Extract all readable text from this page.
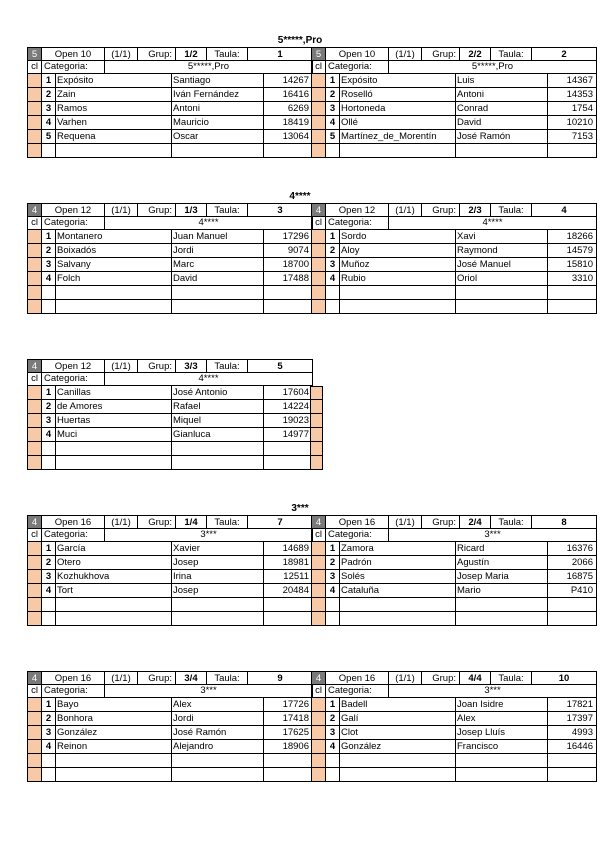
5*****,Pro
4****
3***
5	Open 10	(1/1)	Grup:	1/2	Taula:	1
cl Categoria:	5*****,Pro
1 Expósito	Santiago	14267
2 Zain	Iván Fernández	16416
3 Ramos	Antoni	6269
4 Varhen	Mauricio	18419
5 Requena	Oscar	13064
5	Open 10	(1/1)	Grup:	2/2	Taula:	2
cl Categoria:	5*****,Pro
1 Expósito	Luis	14367
2 Roselló	Antoni	14353
3 Hortoneda	Conrad	1754
4 Ollé	David	10210
5 Martínez_de_Morentín	José Ramón	7153
4	Open 12	(1/1)	Grup:	1/3	Taula:	3
cl Categoria:	4****
1 Montanero	Juan Manuel	17296
2 Boixadós	Jordi	9074
3 Salvany	Marc	18700
4 Folch	David	17488
4	Open 12	(1/1)	Grup:	2/3	Taula:	4
cl Categoria:	4****
1 Sordo	Xavi	18266
2 Aloy	Raymond	14579
3 Muñoz	José Manuel	15810
4 Rubio	Oriol	3310
4	Open 12	(1/1)	Grup:	3/3	Taula:	5
cl Categoria:	4****
1 Canillas	José Antonio	17604
2 de Amores	Rafael	14224
3 Huertas	Miquel	19023
4 Muci	Gianluca	14977
4	Open 16	(1/1)	Grup:	1/4	Taula:	7
cl Categoria:	3***
1 García	Xavier	14689
2 Otero	Josep	18981
3 Kozhukhova	Irina	12511
4 Tort	Josep	20484
4	Open 16	(1/1)	Grup:	2/4	Taula:	8
cl Categoria:	3***
1 Zamora	Ricard	16376
2 Padrón	Agustín	2066
3 Solés	Josep Maria	16875
4 Cataluña	Mario	P410
4	Open 16	(1/1)	Grup:	3/4	Taula:	9
cl Categoria:	3***
1 Bayo	Alex	17726
2 Bonhora	Jordi	17418
3 González	José Ramón	17625
4 Reinon	Alejandro	18906
4	Open 16	(1/1)	Grup:	4/4	Taula:	10
cl Categoria:	3***
1 Badell	Joan Isidre	17821
2 Galí	Alex	17397
3 Clot	Josep Lluís	4993
4 González	Francisco	16446
